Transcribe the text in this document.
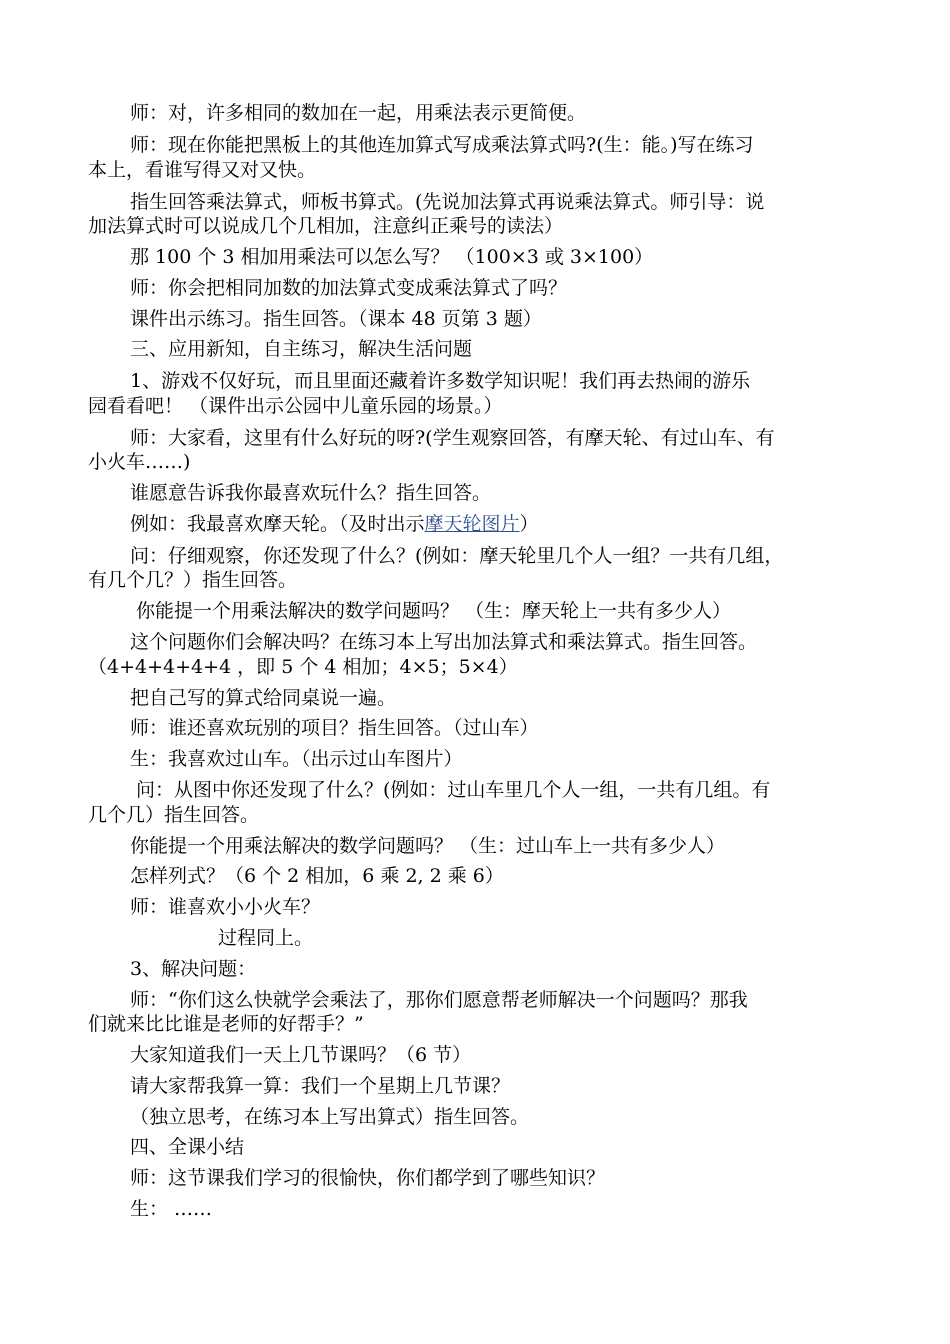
师：对，许多相同的数加在一起，用乘法表示更简便。
师：现在你能把黑板上的其他连加算式写成乘法算式吗?(生：能。)写在练习
本上，看谁写得又对又快。
指生回答乘法算式，师板书算式。(先说加法算式再说乘法算式。师引导：说
加法算式时可以说成几个几相加，注意纠正乘号的读法）
那 100 个 3 相加用乘法可以怎么写？ （100×3 或 3×100）
师：你会把相同加数的加法算式变成乘法算式了吗？
课件出示练习。指生回答。（课本 48 页第 3 题）
三、应用新知，自主练习，解决生活问题
1、游戏不仅好玩，而且里面还藏着许多数学知识呢！我们再去热闹的游乐
园看看吧！ （课件出示公园中儿童乐园的场景。）
师：大家看，这里有什么好玩的呀?(学生观察回答，有摩天轮、有过山车、有
小火车……)
谁愿意告诉我你最喜欢玩什么？指生回答。
例如：我最喜欢摩天轮。（及时出示摩天轮图片）
问：仔细观察，你还发现了什么？(例如：摩天轮里几个人一组？一共有几组，
有几个几？）指生回答。
你能提一个用乘法解决的数学问题吗？ （生：摩天轮上一共有多少人）
这个问题你们会解决吗？在练习本上写出加法算式和乘法算式。指生回答。
（4+4+4+4+4 ，即 5 个 4 相加；4×5；5×4）
把自己写的算式给同桌说一遍。
师：谁还喜欢玩别的项目？指生回答。（过山车）
生：我喜欢过山车。（出示过山车图片）
问：从图中你还发现了什么？(例如：过山车里几个人一组，一共有几组。有
几个几）指生回答。
你能提一个用乘法解决的数学问题吗？ （生：过山车上一共有多少人）
怎样列式？（6 个 2 相加，6 乘 2, 2 乘 6）
师：谁喜欢小小火车？
过程同上。
3、解决问题：
师：“你们这么快就学会乘法了，那你们愿意帮老师解决一个问题吗？那我
们就来比比谁是老师的好帮手？”
大家知道我们一天上几节课吗？（6 节）
请大家帮我算一算：我们一个星期上几节课？
（独立思考，在练习本上写出算式）指生回答。
四、全课小结
师：这节课我们学习的很愉快，你们都学到了哪些知识？
生： ……
